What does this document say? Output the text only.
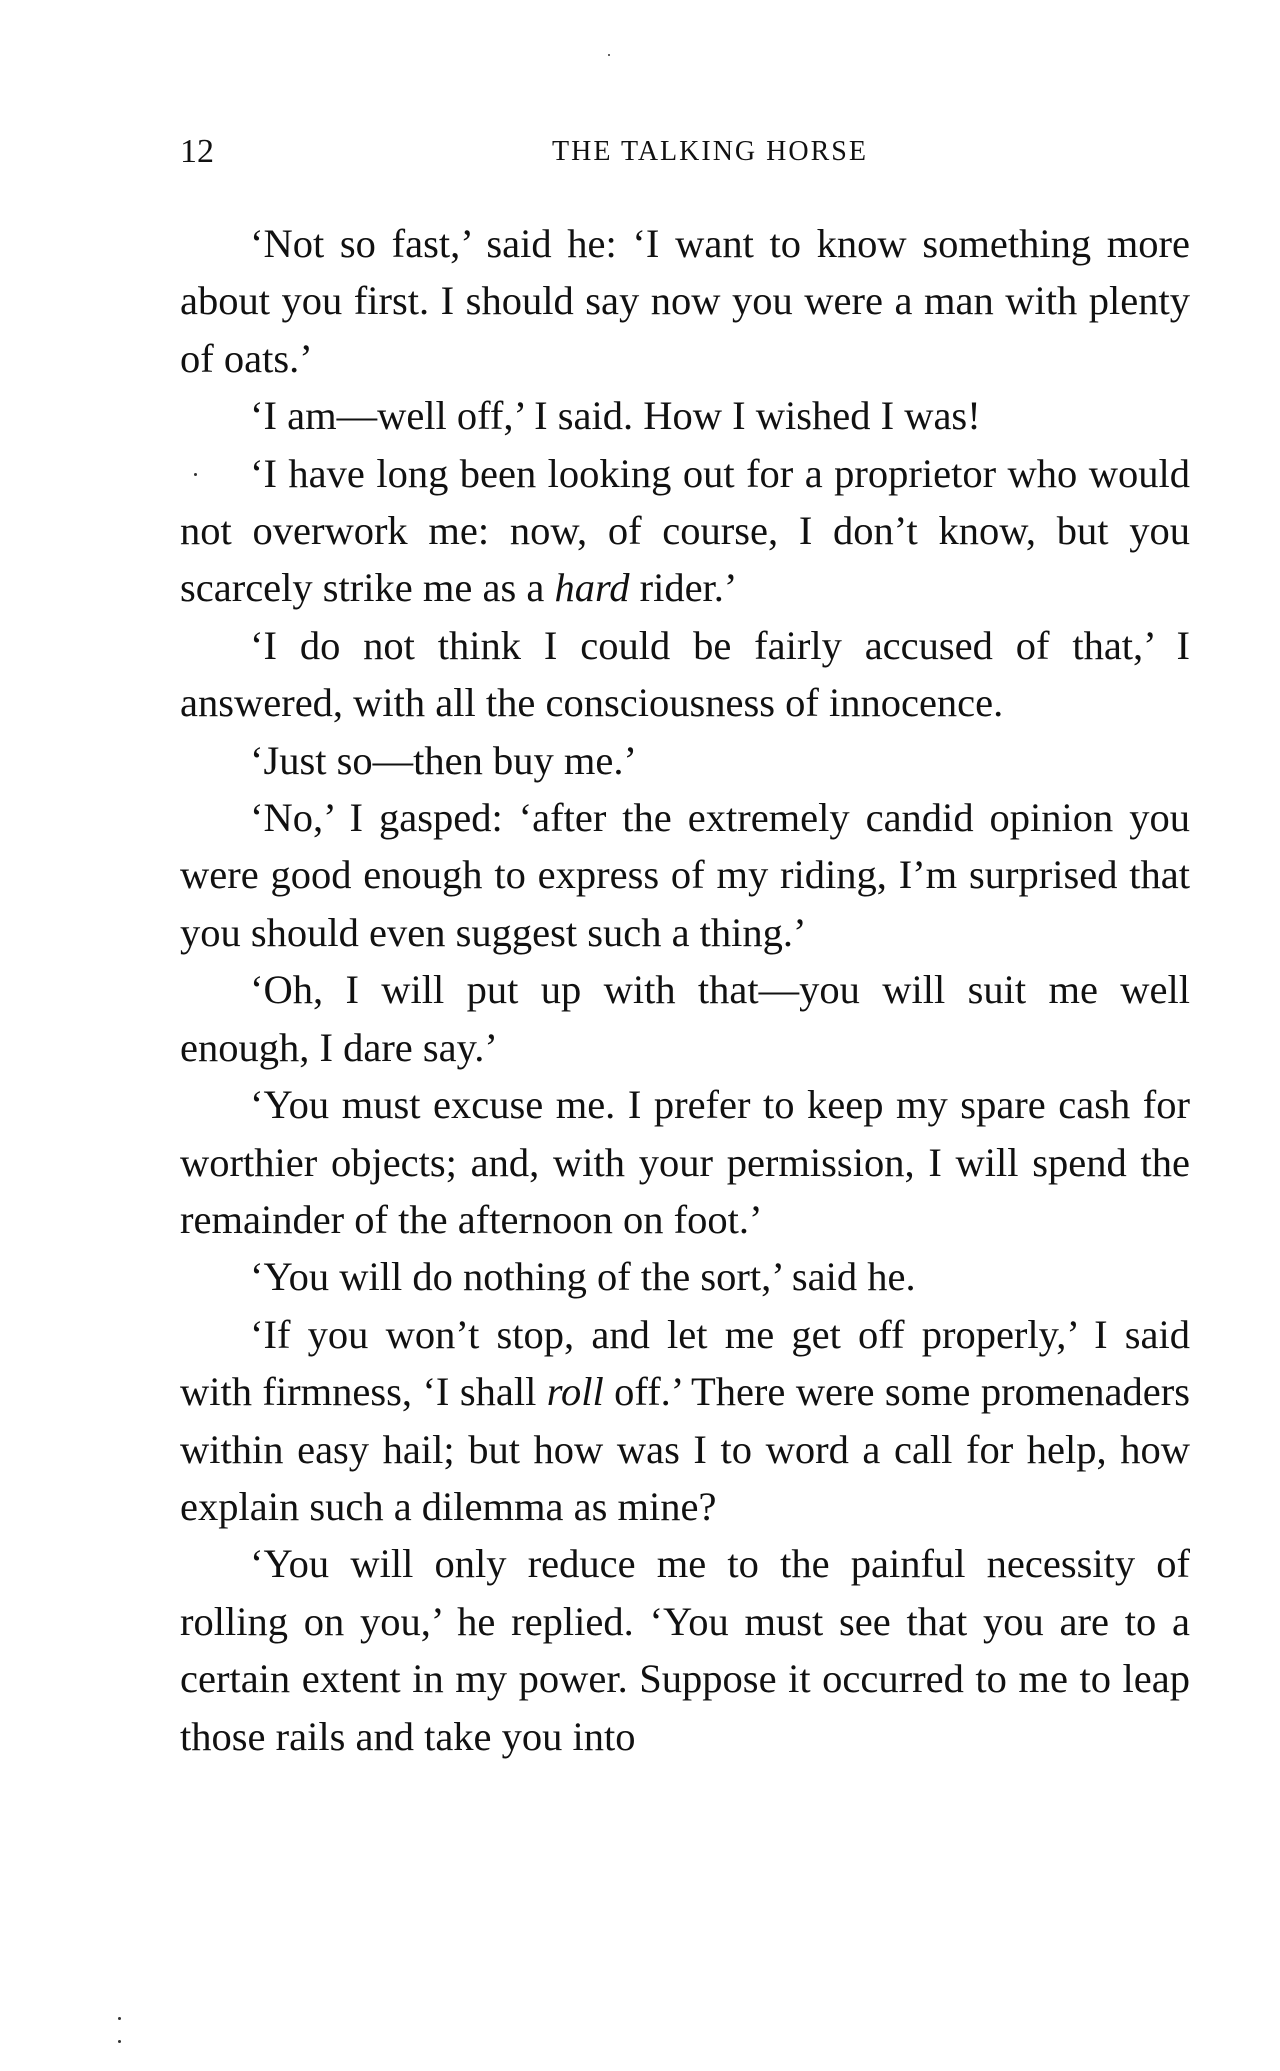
12	THE TALKING HORSE

‘Not so fast,’ said he: ‘I want to know something more about you first. I should say now you were a man with plenty of oats.’

‘I am—well off,’ I said. How I wished I was!

‘I have long been looking out for a proprietor who would not overwork me: now, of course, I don’t know, but you scarcely strike me as a hard rider.’

‘I do not think I could be fairly accused of that,’ I answered, with all the consciousness of innocence.

‘Just so—then buy me.’

‘No,’ I gasped: ‘after the extremely candid opinion you were good enough to express of my riding, I’m surprised that you should even suggest such a thing.’

‘Oh, I will put up with that—you will suit me well enough, I dare say.’

‘You must excuse me. I prefer to keep my spare cash for worthier objects; and, with your permission, I will spend the remainder of the afternoon on foot.’

‘You will do nothing of the sort,’ said he.

‘If you won’t stop, and let me get off properly,’ I said with firmness, ‘I shall roll off.’ There were some promenaders within easy hail; but how was I to word a call for help, how explain such a dilemma as mine?

‘You will only reduce me to the painful necessity of rolling on you,’ he replied. ‘You must see that you are to a certain extent in my power. Suppose it occurred to me to leap those rails and take you into
